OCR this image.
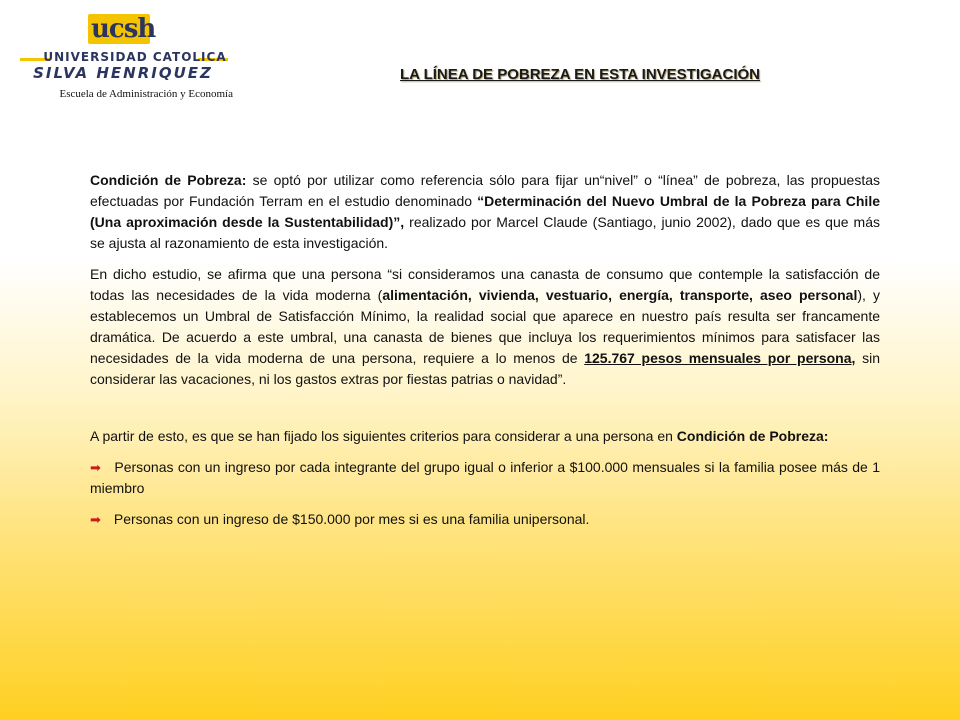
ucsh
UNIVERSIDAD CATOLICA
SILVA HENRIQUEZ
Escuela de Administración y Economía
LA LÍNEA DE POBREZA EN ESTA INVESTIGACIÓN

Condición de Pobreza: se optó por utilizar como referencia sólo para fijar un“nivel” o “línea” de pobreza, las propuestas efectuadas por Fundación Terram en el estudio denominado “Determinación del Nuevo Umbral de la Pobreza para Chile (Una aproximación desde la Sustentabilidad)”, realizado por Marcel Claude (Santiago, junio 2002), dado que es que más se ajusta al razonamiento de esta investigación.

En dicho estudio, se afirma que una persona “si consideramos una canasta de consumo que contemple la satisfacción de todas las necesidades de la vida moderna (alimentación, vivienda, vestuario, energía, transporte, aseo personal), y establecemos un Umbral de Satisfacción Mínimo, la realidad social que aparece en nuestro país resulta ser francamente dramática. De acuerdo a este umbral, una canasta de bienes que incluya los requerimientos mínimos para satisfacer las necesidades de la vida moderna de una persona, requiere a lo menos de 125.767 pesos mensuales por persona, sin considerar las vacaciones, ni los gastos extras por fiestas patrias o navidad”.

A partir de esto, es que se han fijado los siguientes criterios para considerar a una persona en Condición de Pobreza:

➡ Personas con un ingreso por cada integrante del grupo igual o inferior a $100.000 mensuales si la familia posee más de 1 miembro
➡ Personas con un ingreso de $150.000 por mes si es una familia unipersonal.
